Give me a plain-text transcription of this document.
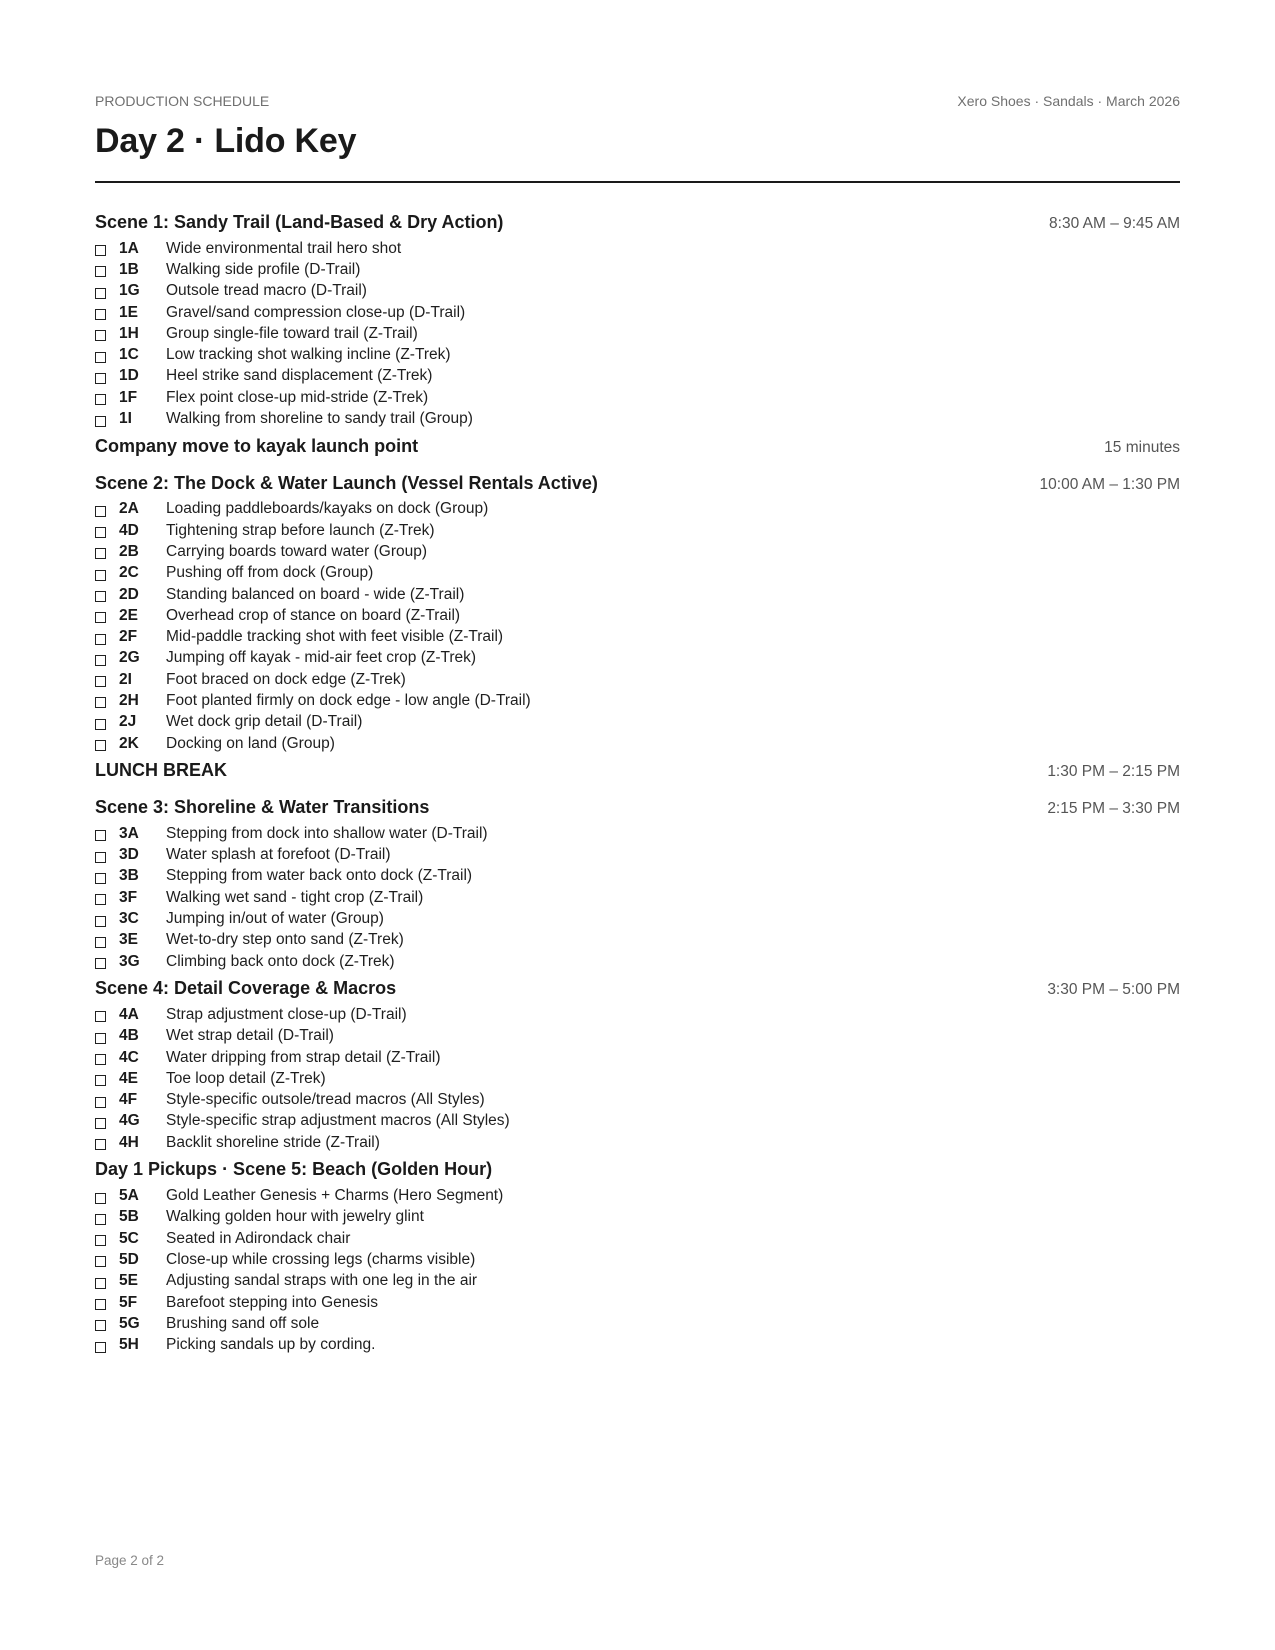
PRODUCTION SCHEDULE	Xero Shoes · Sandals · March 2026
Day 2 · Lido Key
Scene 1: Sandy Trail (Land-Based & Dry Action)	8:30 AM – 9:45 AM
1A	Wide environmental trail hero shot
1B	Walking side profile (D-Trail)
1G	Outsole tread macro (D-Trail)
1E	Gravel/sand compression close-up (D-Trail)
1H	Group single-file toward trail (Z-Trail)
1C	Low tracking shot walking incline (Z-Trek)
1D	Heel strike sand displacement (Z-Trek)
1F	Flex point close-up mid-stride (Z-Trek)
1I	Walking from shoreline to sandy trail (Group)
Company move to kayak launch point	15 minutes
Scene 2: The Dock & Water Launch (Vessel Rentals Active)	10:00 AM – 1:30 PM
2A	Loading paddleboards/kayaks on dock (Group)
4D	Tightening strap before launch (Z-Trek)
2B	Carrying boards toward water (Group)
2C	Pushing off from dock (Group)
2D	Standing balanced on board - wide (Z-Trail)
2E	Overhead crop of stance on board (Z-Trail)
2F	Mid-paddle tracking shot with feet visible (Z-Trail)
2G	Jumping off kayak - mid-air feet crop (Z-Trek)
2I	Foot braced on dock edge (Z-Trek)
2H	Foot planted firmly on dock edge - low angle (D-Trail)
2J	Wet dock grip detail (D-Trail)
2K	Docking on land (Group)
LUNCH BREAK	1:30 PM – 2:15 PM
Scene 3: Shoreline & Water Transitions	2:15 PM – 3:30 PM
3A	Stepping from dock into shallow water (D-Trail)
3D	Water splash at forefoot (D-Trail)
3B	Stepping from water back onto dock (Z-Trail)
3F	Walking wet sand - tight crop (Z-Trail)
3C	Jumping in/out of water (Group)
3E	Wet-to-dry step onto sand (Z-Trek)
3G	Climbing back onto dock (Z-Trek)
Scene 4: Detail Coverage & Macros	3:30 PM – 5:00 PM
4A	Strap adjustment close-up (D-Trail)
4B	Wet strap detail (D-Trail)
4C	Water dripping from strap detail (Z-Trail)
4E	Toe loop detail (Z-Trek)
4F	Style-specific outsole/tread macros (All Styles)
4G	Style-specific strap adjustment macros (All Styles)
4H	Backlit shoreline stride (Z-Trail)
Day 1 Pickups · Scene 5: Beach (Golden Hour)
5A	Gold Leather Genesis + Charms (Hero Segment)
5B	Walking golden hour with jewelry glint
5C	Seated in Adirondack chair
5D	Close-up while crossing legs (charms visible)
5E	Adjusting sandal straps with one leg in the air
5F	Barefoot stepping into Genesis
5G	Brushing sand off sole
5H	Picking sandals up by cording.
Page 2 of 2
